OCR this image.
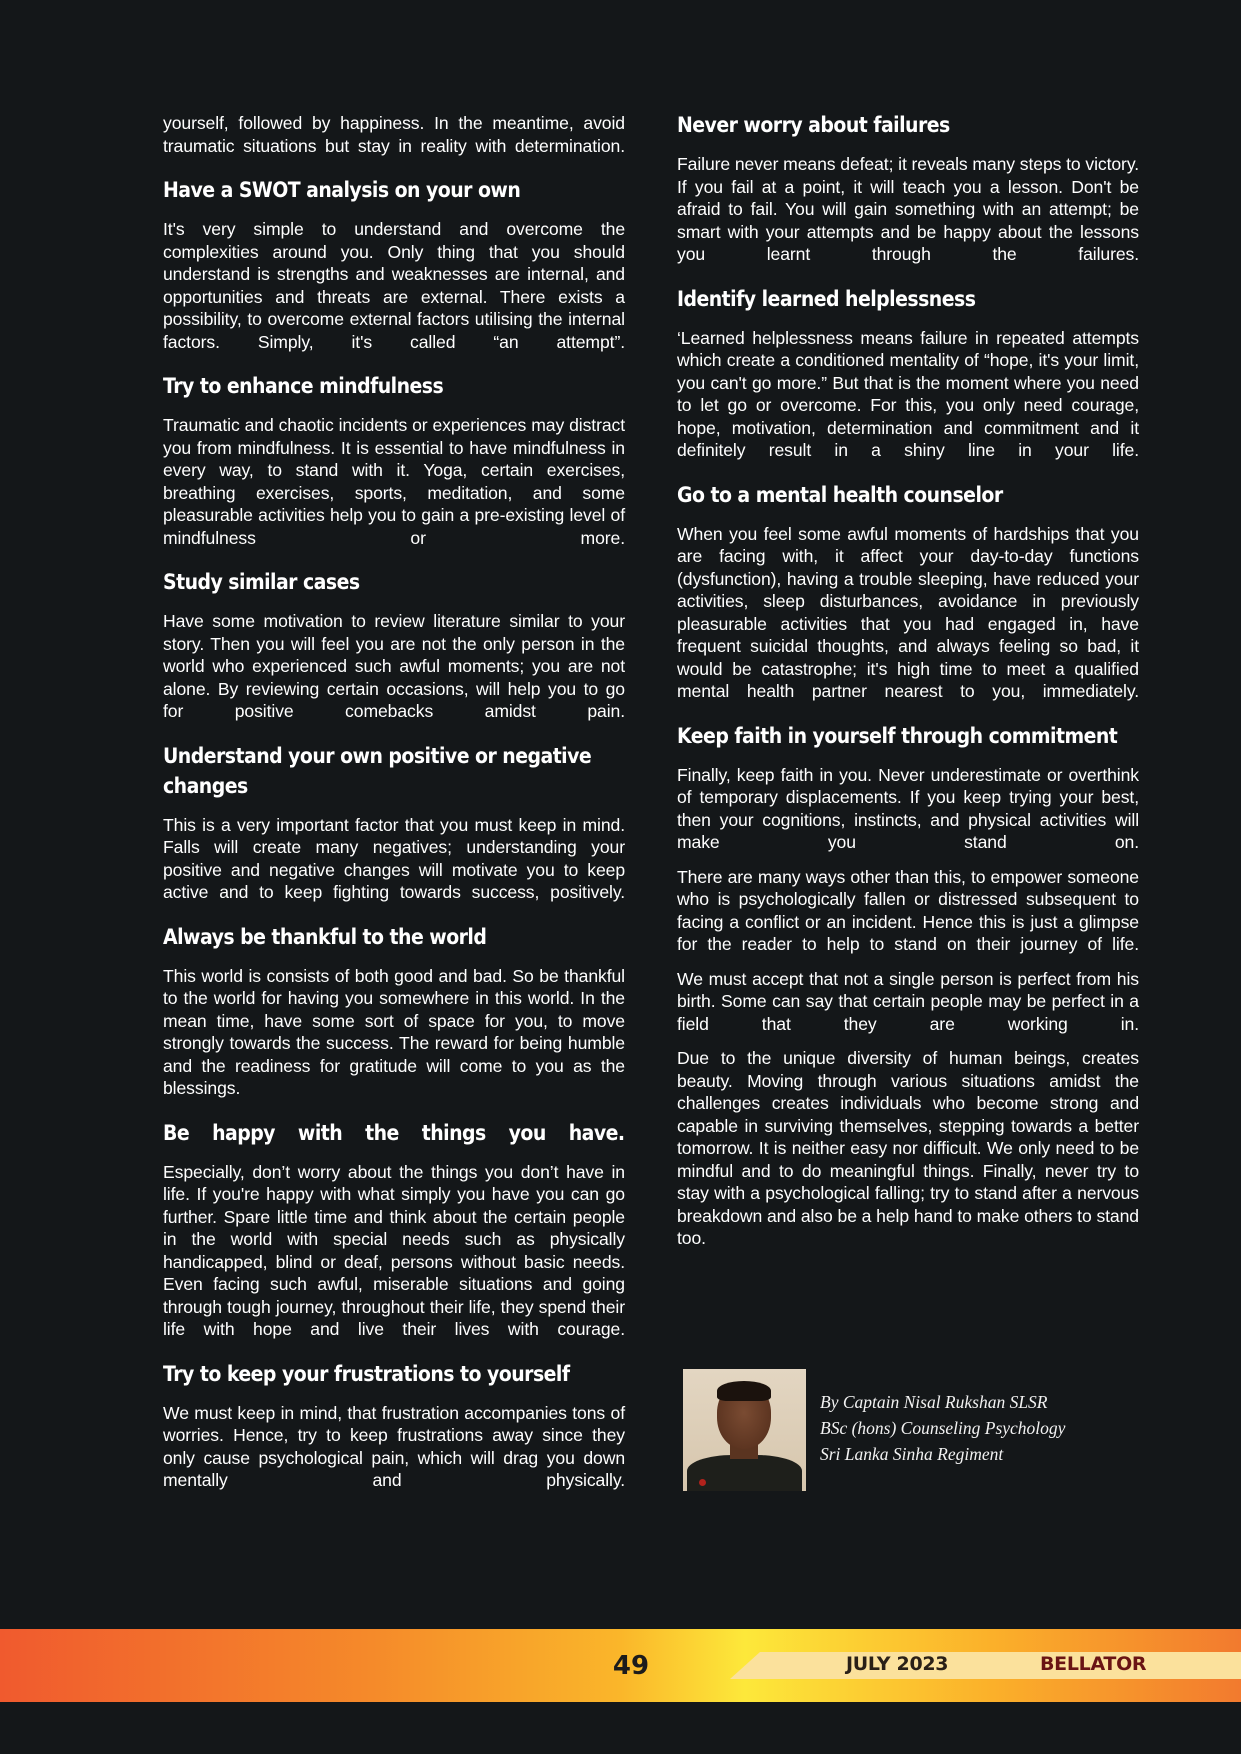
yourself, followed by happiness. In the meantime, avoid traumatic situations but stay in reality with determination.

Have a SWOT analysis on your own

It's very simple to understand and overcome the complexities around you. Only thing that you should understand is strengths and weaknesses are internal, and opportunities and threats are external. There exists a possibility, to overcome external factors utilising the internal factors. Simply, it's called “an attempt”.

Try to enhance mindfulness

Traumatic and chaotic incidents or experiences may distract you from mindfulness. It is essential to have mindfulness in every way, to stand with it. Yoga, certain exercises, breathing exercises, sports, meditation, and some pleasurable activities help you to gain a pre-existing level of mindfulness or more.

Study similar cases

Have some motivation to review literature similar to your story. Then you will feel you are not the only person in the world who experienced such awful moments; you are not alone. By reviewing certain occasions, will help you to go for positive comebacks amidst pain.

Understand your own positive or negative changes

This is a very important factor that you must keep in mind. Falls will create many negatives; understanding your positive and negative changes will motivate you to keep active and to keep fighting towards success, positively.

Always be thankful to the world

This world is consists of both good and bad. So be thankful to the world for having you somewhere in this world. In the mean time, have some sort of space for you, to move strongly towards the success. The reward for being humble and the readiness for gratitude will come to you as the blessings.

Be happy with the things you have.

Especially, don’t worry about the things you don’t have in life. If you're happy with what simply you have you can go further. Spare little time and think about the certain people in the world with special needs such as physically handicapped, blind or deaf, persons without basic needs. Even facing such awful, miserable situations and going through tough journey, throughout their life, they spend their life with hope and live their lives with courage.

Try to keep your frustrations to yourself

We must keep in mind, that frustration accompanies tons of worries. Hence, try to keep frustrations away since they only cause psychological pain, which will drag you down mentally and physically.

Never worry about failures

Failure never means defeat; it reveals many steps to victory. If you fail at a point, it will teach you a lesson. Don't be afraid to fail. You will gain something with an attempt; be smart with your attempts and be happy about the lessons you learnt through the failures.

Identify learned helplessness

‘Learned helplessness means failure in repeated attempts which create a conditioned mentality of “hope, it's your limit, you can't go more.” But that is the moment where you need to let go or overcome. For this, you only need courage, hope, motivation, determination and commitment and it definitely result in a shiny line in your life.

Go to a mental health counselor

When you feel some awful moments of hardships that you are facing with, it affect your day-to-day functions (dysfunction), having a trouble sleeping, have reduced your activities, sleep disturbances, avoidance in previously pleasurable activities that you had engaged in, have frequent suicidal thoughts, and always feeling so bad, it would be catastrophe; it's high time to meet a qualified mental health partner nearest to you, immediately.

Keep faith in yourself through commitment

Finally, keep faith in you. Never underestimate or overthink of temporary displacements. If you keep trying your best, then your cognitions, instincts, and physical activities will make you stand on.

There are many ways other than this, to empower someone who is psychologically fallen or distressed subsequent to facing a conflict or an incident. Hence this is just a glimpse for the reader to help to stand on their journey of life.

We must accept that not a single person is perfect from his birth. Some can say that certain people may be perfect in a field that they are working in.

Due to the unique diversity of human beings, creates beauty. Moving through various situations amidst the challenges creates individuals who become strong and capable in surviving themselves, stepping towards a better tomorrow. It is neither easy nor difficult. We only need to be mindful and to do meaningful things. Finally, never try to stay with a psychological falling; try to stand after a nervous breakdown and also be a help hand to make others to stand too.

By Captain Nisal Rukshan SLSR
BSc (hons) Counseling Psychology
Sri Lanka Sinha Regiment
49	JULY 2023	BELLATOR
